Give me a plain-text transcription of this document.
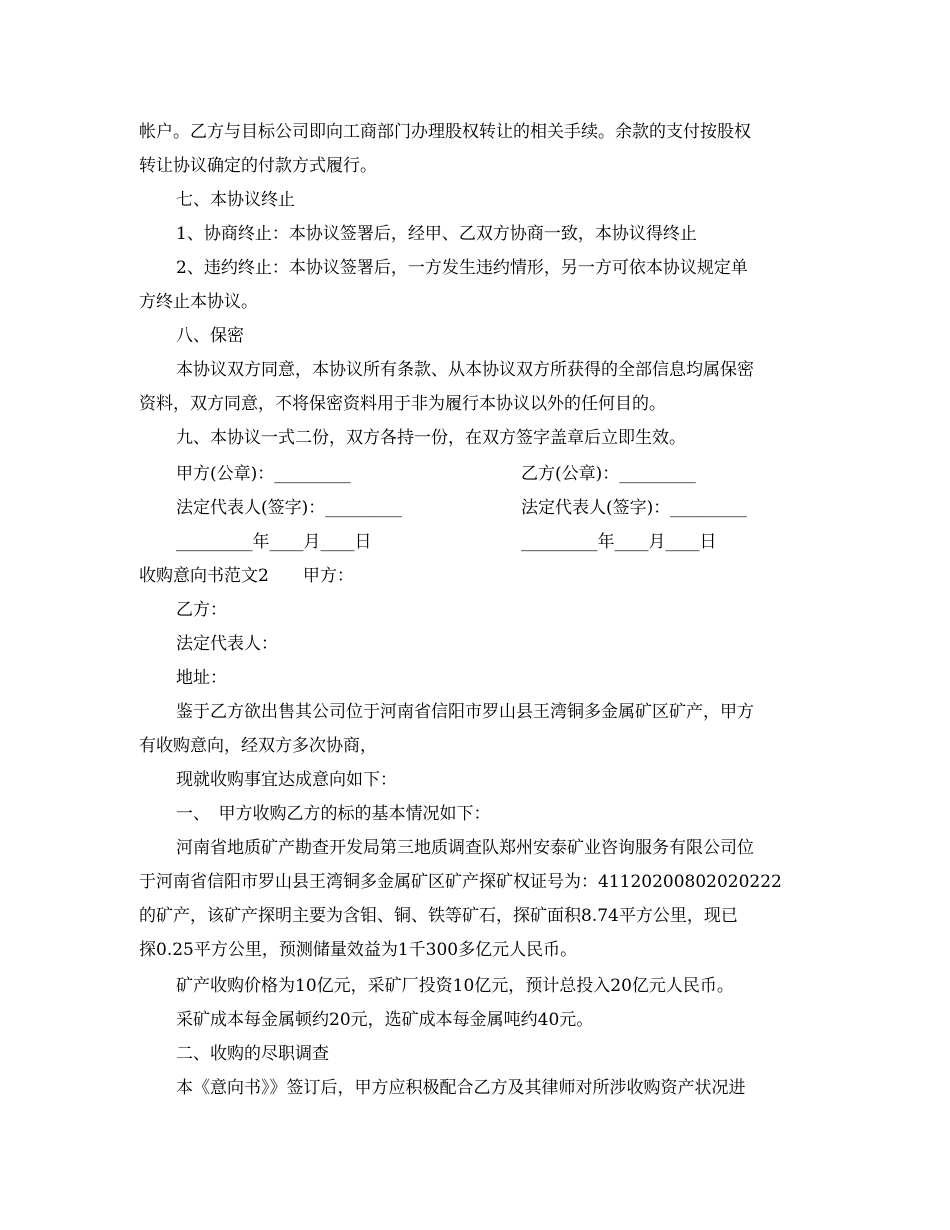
帐户。乙方与目标公司即向工商部门办理股权转让的相关手续。余款的支付按股权
转让协议确定的付款方式履行。
七、本协议终止
1、协商终止：本协议签署后，经甲、乙双方协商一致，本协议得终止
2、违约终止：本协议签署后，一方发生违约情形，另一方可依本协议规定单
方终止本协议。
八、保密
本协议双方同意，本协议所有条款、从本协议双方所获得的全部信息均属保密
资料，双方同意，不将保密资料用于非为履行本协议以外的任何目的。
九、本协议一式二份，双方各持一份，在双方签字盖章后立即生效。
甲方(公章)：_________	乙方(公章)：_________
法定代表人(签字)：_________	法定代表人(签字)：_________
_________年____月____日	_________年____月____日
收购意向书范文2　　甲方：
乙方：
法定代表人：
地址：
鉴于乙方欲出售其公司位于河南省信阳市罗山县王湾铜多金属矿区矿产，甲方
有收购意向，经双方多次协商，
现就收购事宜达成意向如下：
一、　甲方收购乙方的标的基本情况如下：
河南省地质矿产勘查开发局第三地质调查队郑州安泰矿业咨询服务有限公司位
于河南省信阳市罗山县王湾铜多金属矿区矿产探矿权证号为：41120200802020222
的矿产，该矿产探明主要为含钼、铜、铁等矿石，探矿面积8.74平方公里，现已
探0.25平方公里，预测储量效益为1千300多亿元人民币。
矿产收购价格为10亿元，采矿厂投资10亿元，预计总投入20亿元人民币。
采矿成本每金属顿约20元，选矿成本每金属吨约40元。
二、收购的尽职调查
本《意向书》》签订后，甲方应积极配合乙方及其律师对所涉收购资产状况进
